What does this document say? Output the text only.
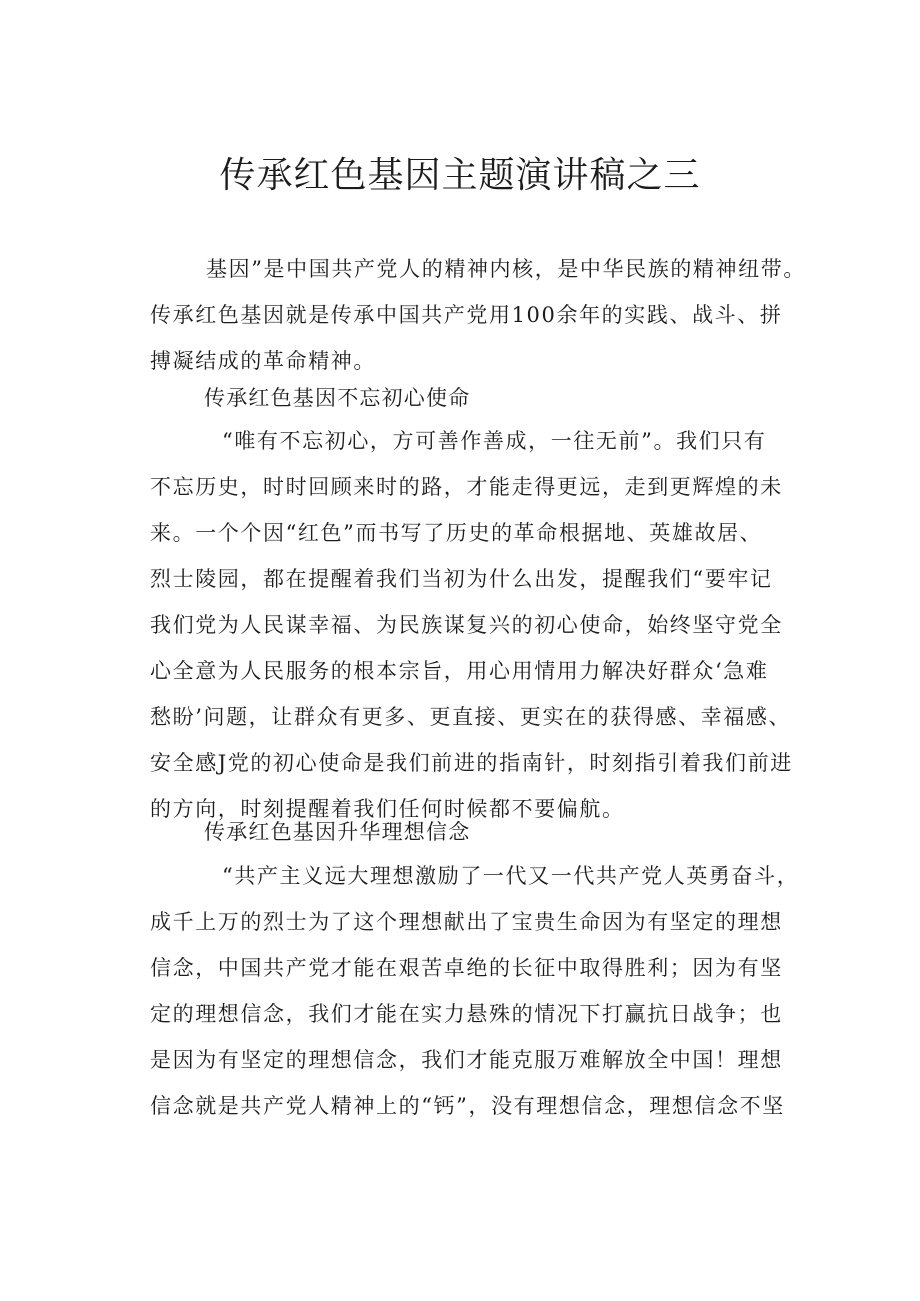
传承红色基因主题演讲稿之三
基因”是中国共产党人的精神内核，是中华民族的精神纽带。
传承红色基因就是传承中国共产党用100余年的实践、战斗、拼
搏凝结成的革命精神。
传承红色基因不忘初心使命
“唯有不忘初心，方可善作善成，一往无前”。我们只有
不忘历史，时时回顾来时的路，才能走得更远，走到更辉煌的未
来。一个个因“红色”而书写了历史的革命根据地、英雄故居、
烈士陵园，都在提醒着我们当初为什么出发，提醒我们“要牢记
我们党为人民谋幸福、为民族谋复兴的初心使命，始终坚守党全
心全意为人民服务的根本宗旨，用心用情用力解决好群众‘急难
愁盼’问题，让群众有更多、更直接、更实在的获得感、幸福感、
安全感J党的初心使命是我们前进的指南针，时刻指引着我们前进
的方向，时刻提醒着我们任何时候都不要偏航。
传承红色基因升华理想信念
“共产主义远大理想激励了一代又一代共产党人英勇奋斗，
成千上万的烈士为了这个理想献出了宝贵生命因为有坚定的理想
信念，中国共产党才能在艰苦卓绝的长征中取得胜利；因为有坚
定的理想信念，我们才能在实力悬殊的情况下打赢抗日战争；也
是因为有坚定的理想信念，我们才能克服万难解放全中国！理想
信念就是共产党人精神上的“钙”，没有理想信念，理想信念不坚
